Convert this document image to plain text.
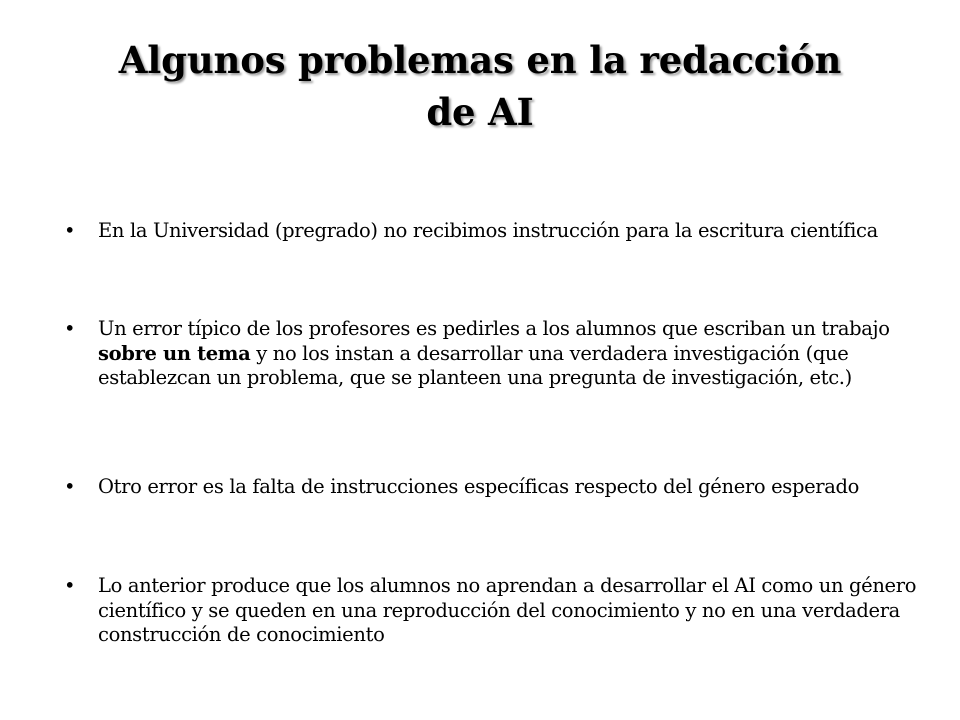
Algunos problemas en la redacción
de AI
•	En la Universidad (pregrado) no recibimos instrucción para la escritura científica
•	Un error típico de los profesores es pedirles a los alumnos que escriban un trabajo sobre un tema y no los instan a desarrollar una verdadera investigación (que establezcan un problema, que se planteen una pregunta de investigación, etc.)
•	Otro error es la falta de instrucciones específicas respecto del género esperado
•	Lo anterior produce que los alumnos no aprendan a desarrollar el AI como un género científico y se queden en una reproducción del conocimiento y no en una verdadera construcción de conocimiento
